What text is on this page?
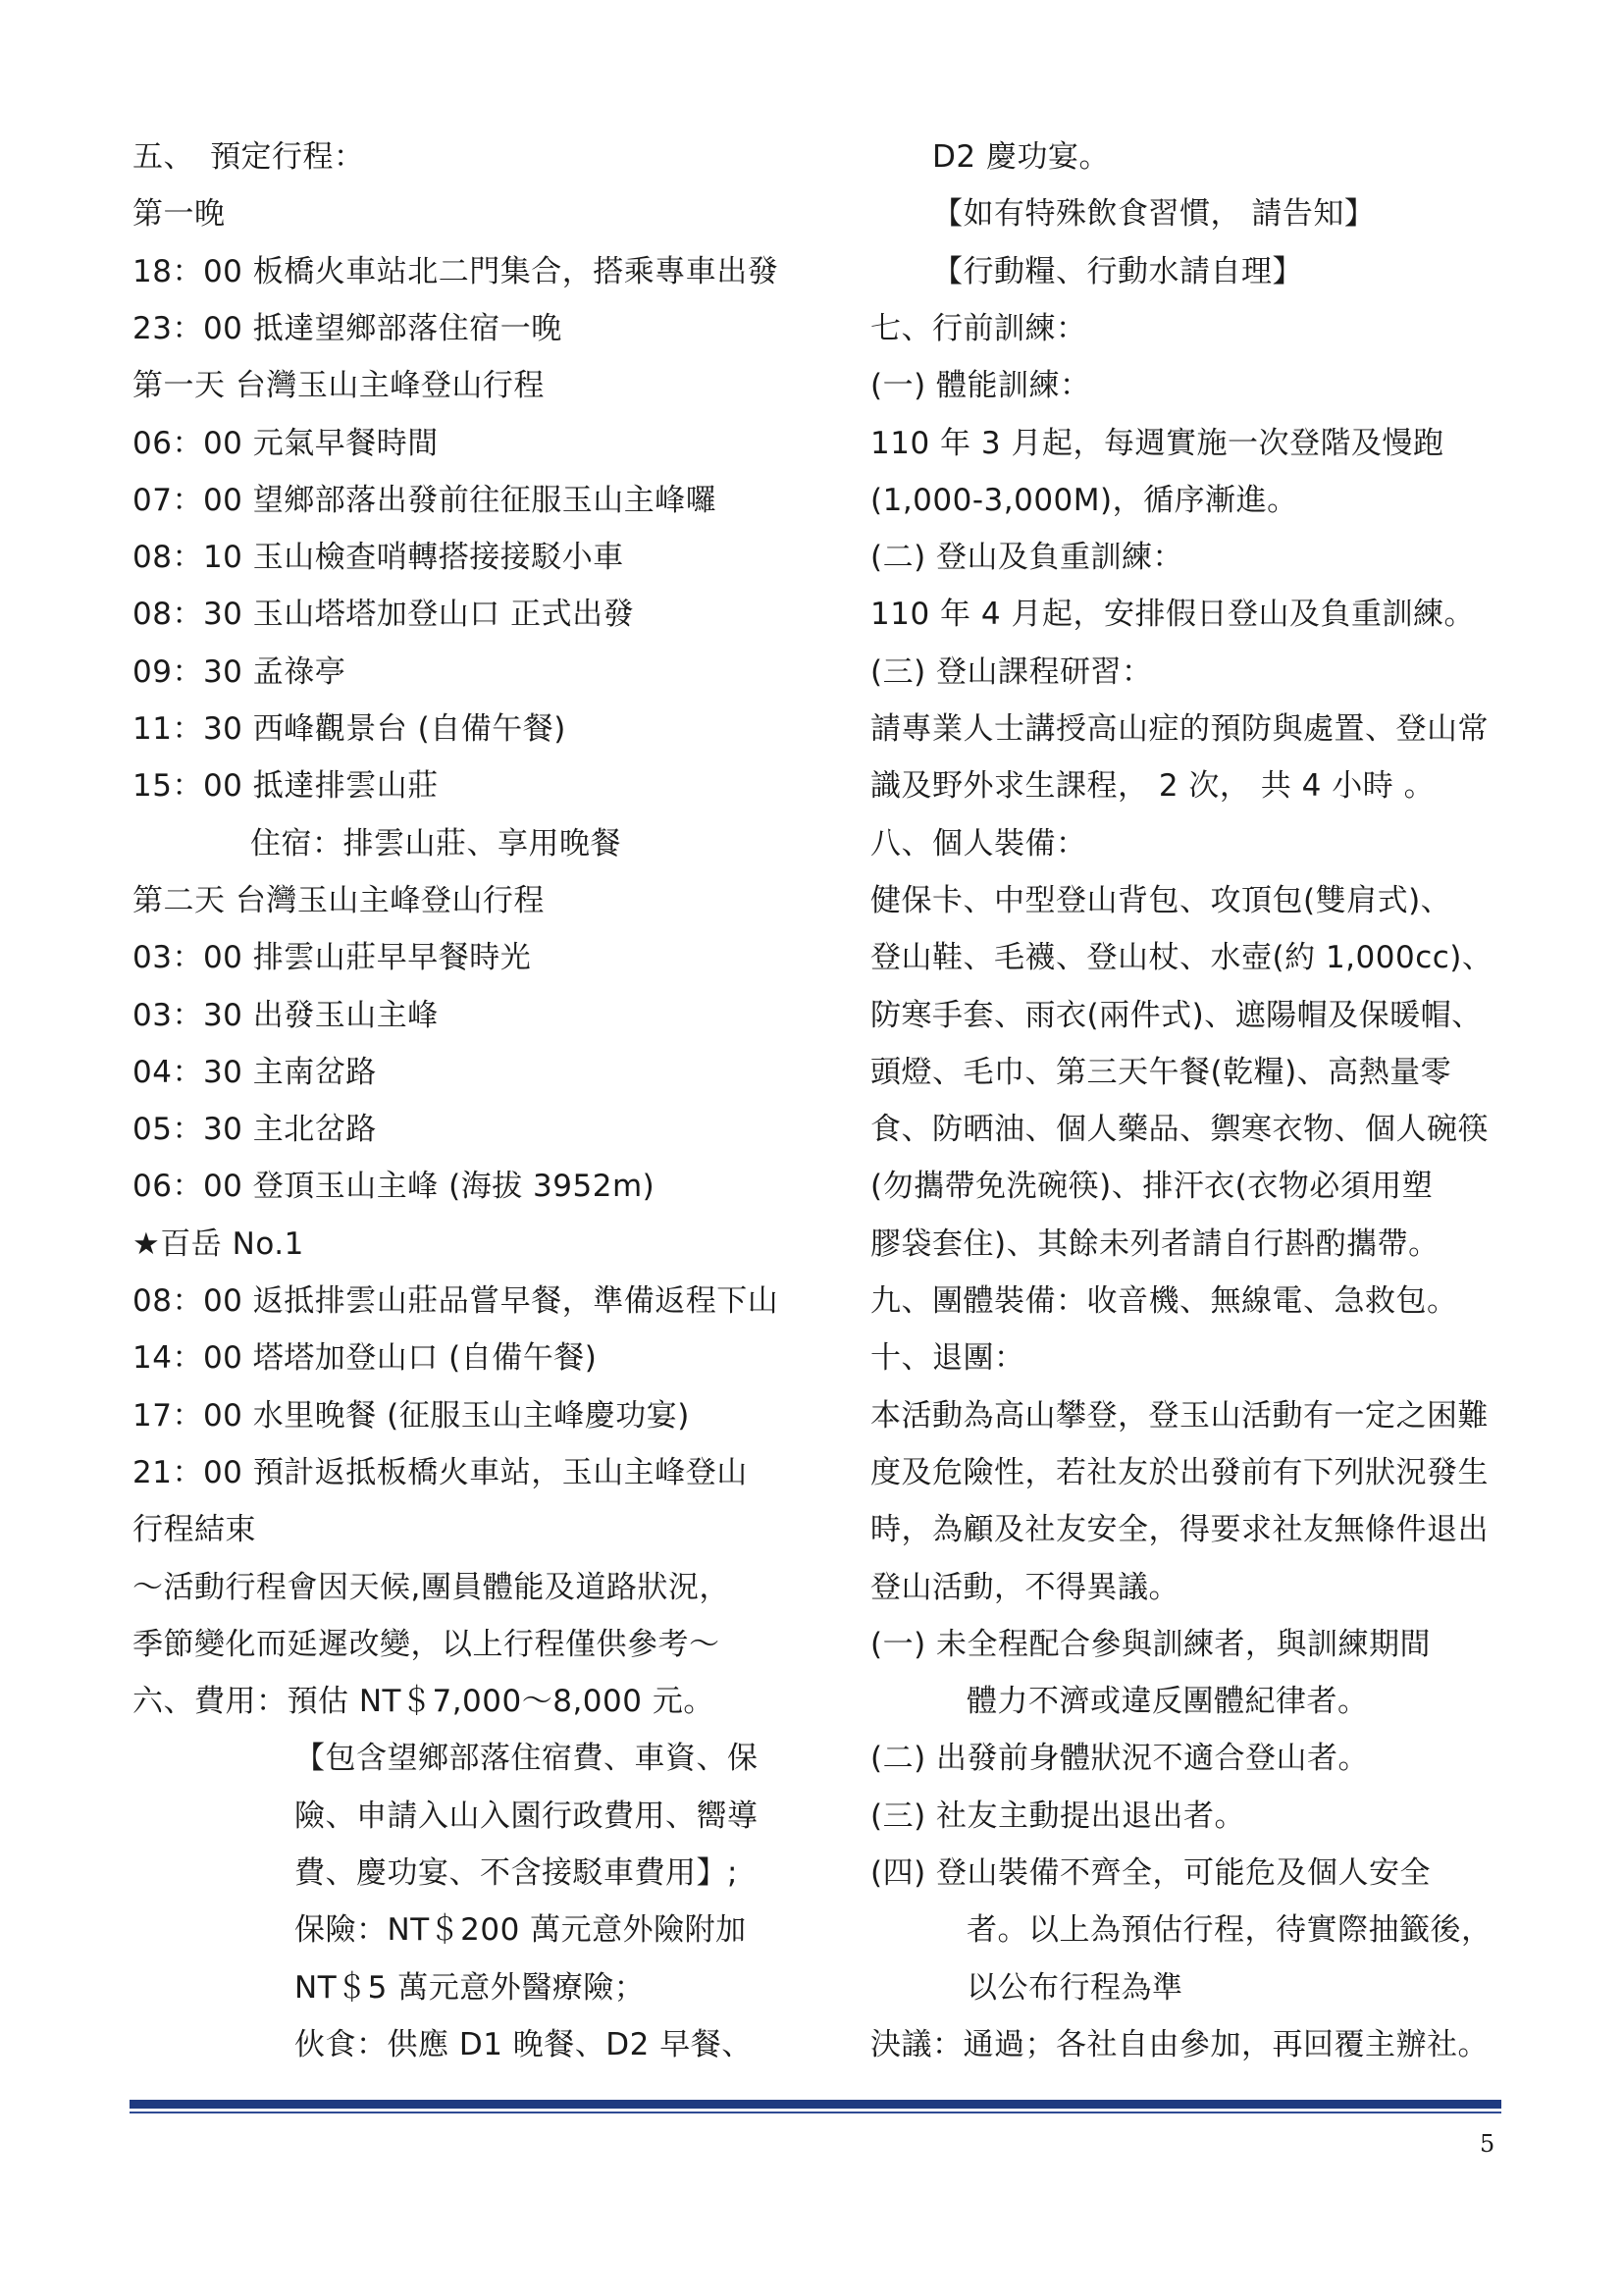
五、　預定行程：
第一晚
18：00 板橋火車站北二門集合，搭乘專車出發
23：00 抵達望鄉部落住宿一晚
第一天 台灣玉山主峰登山行程
06：00 元氣早餐時間
07：00 望鄉部落出發前往征服玉山主峰囉
08：10 玉山檢查哨轉搭接接駁小車
08：30 玉山塔塔加登山口 正式出發
09：30 孟祿亭
11：30 西峰觀景台 (自備午餐)
15：00 抵達排雲山莊
住宿：排雲山莊、享用晚餐
第二天 台灣玉山主峰登山行程
03：00 排雲山莊早早餐時光
03：30 出發玉山主峰
04：30 主南岔路
05：30 主北岔路
06：00 登頂玉山主峰 (海拔 3952m)
★百岳 No.1
08：00 返抵排雲山莊品嘗早餐，準備返程下山
14：00 塔塔加登山口 (自備午餐)
17：00 水里晚餐 (征服玉山主峰慶功宴)
21：00 預計返抵板橋火車站，玉山主峰登山
行程結束
～活動行程會因天候,團員體能及道路狀況，
季節變化而延遲改變，以上行程僅供參考～
六、費用：預估 NT＄7,000～8,000 元。
【包含望鄉部落住宿費、車資、保
險、申請入山入園行政費用、嚮導
費、慶功宴、不含接駁車費用】;
保險：NT＄200 萬元意外險附加
NT＄5 萬元意外醫療險；
伙食：供應 D1 晚餐、D2 早餐、
D2 慶功宴。
【如有特殊飲食習慣， 請告知】
【行動糧、行動水請自理】
七、行前訓練：
(一) 體能訓練：
110 年 3 月起，每週實施一次登階及慢跑
(1,000-3,000M)，循序漸進。
(二) 登山及負重訓練：
110 年 4 月起，安排假日登山及負重訓練。
(三) 登山課程研習：
請專業人士講授高山症的預防與處置、登山常
識及野外求生課程， 2 次， 共 4 小時 。
八、個人裝備：
健保卡、中型登山背包、攻頂包(雙肩式)、
登山鞋、毛襪、登山杖、水壺(約 1,000cc)、
防寒手套、雨衣(兩件式)、遮陽帽及保暖帽、
頭燈、毛巾、第三天午餐(乾糧)、高熱量零
食、防晒油、個人藥品、禦寒衣物、個人碗筷
(勿攜帶免洗碗筷)、排汗衣(衣物必須用塑
膠袋套住)、其餘未列者請自行斟酌攜帶。
九、團體裝備：收音機、無線電、急救包。
十、退團：
本活動為高山攀登，登玉山活動有一定之困難
度及危險性，若社友於出發前有下列狀況發生
時，為顧及社友安全，得要求社友無條件退出
登山活動，不得異議。
(一) 未全程配合參與訓練者，與訓練期間
體力不濟或違反團體紀律者。
(二) 出發前身體狀況不適合登山者。
(三) 社友主動提出退出者。
(四) 登山裝備不齊全，可能危及個人安全
者。以上為預估行程，待實際抽籤後，
以公布行程為準
決議：通過；各社自由參加，再回覆主辦社。
5
